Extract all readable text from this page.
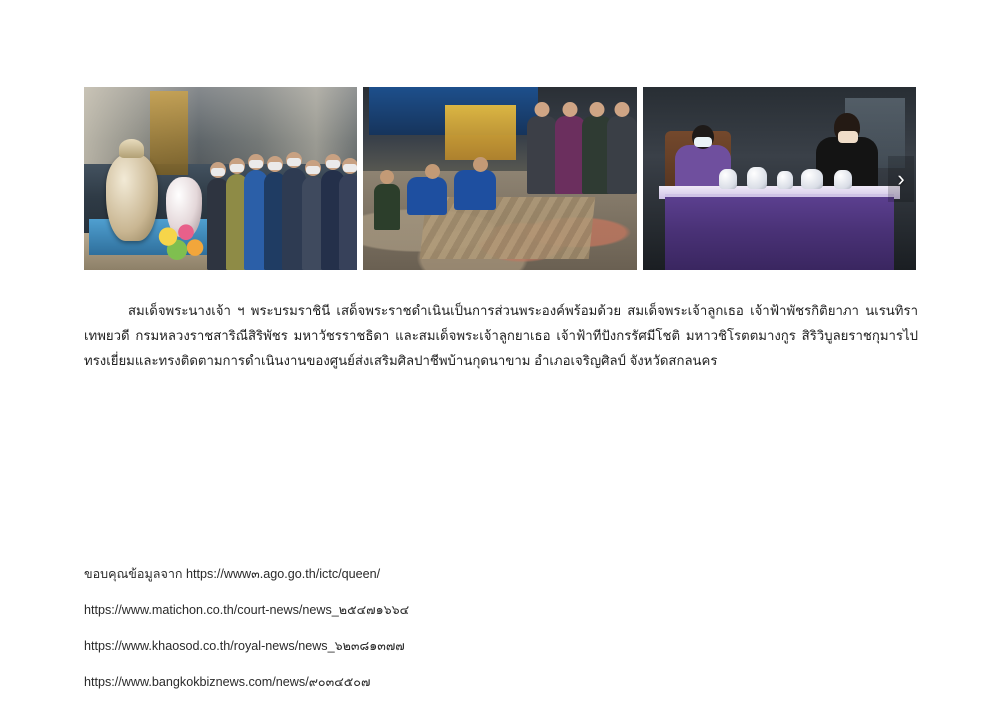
›

สมเด็จพระนางเจ้า ฯ พระบรมราชินี เสด็จพระราชดำเนินเป็นการส่วนพระองค์พร้อมด้วย สมเด็จพระเจ้าลูกเธอ เจ้าฟ้าพัชรกิติยาภา นเรนทิรา เทพยวดี กรมหลวงราชสาริณีสิริพัชร มหาวัชรราชธิดา และสมเด็จพระเจ้าลูกยาเธอ เจ้าฟ้าทีปังกรรัศมีโชติ มหาวชิโรตตมางกูร สิริวิบูลยราชกุมารไปทรงเยี่ยมและทรงติดตามการดำเนินงานของศูนย์ส่งเสริมศิลปาชีพบ้านกุดนาขาม อำเภอเจริญศิลป์ จังหวัดสกลนคร

ขอบคุณข้อมูลจาก https://www๓.ago.go.th/ictc/queen/
https://www.matichon.co.th/court-news/news_๒๕๔๗๑๖๖๔
https://www.khaosod.co.th/royal-news/news_๖๒๓๘๑๓๗๗
https://www.bangkokbiznews.com/news/๙๐๓๔๕๐๗
